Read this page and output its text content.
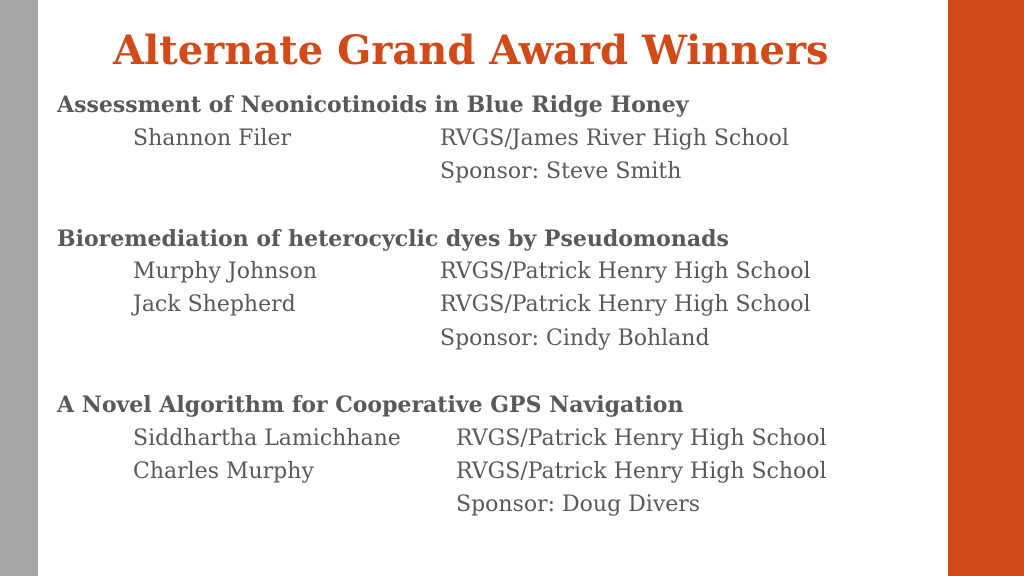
Alternate Grand Award Winners

Assessment of Neonicotinoids in Blue Ridge Honey

Shannon Filer	RVGS/James River High School
Sponsor: Steve Smith

Bioremediation of heterocyclic dyes by Pseudomonads

Murphy Johnson	RVGS/Patrick Henry High School
Jack Shepherd	RVGS/Patrick Henry High School
Sponsor: Cindy Bohland

A Novel Algorithm for Cooperative GPS Navigation

Siddhartha Lamichhane	RVGS/Patrick Henry High School
Charles Murphy	RVGS/Patrick Henry High School
Sponsor: Doug Divers
